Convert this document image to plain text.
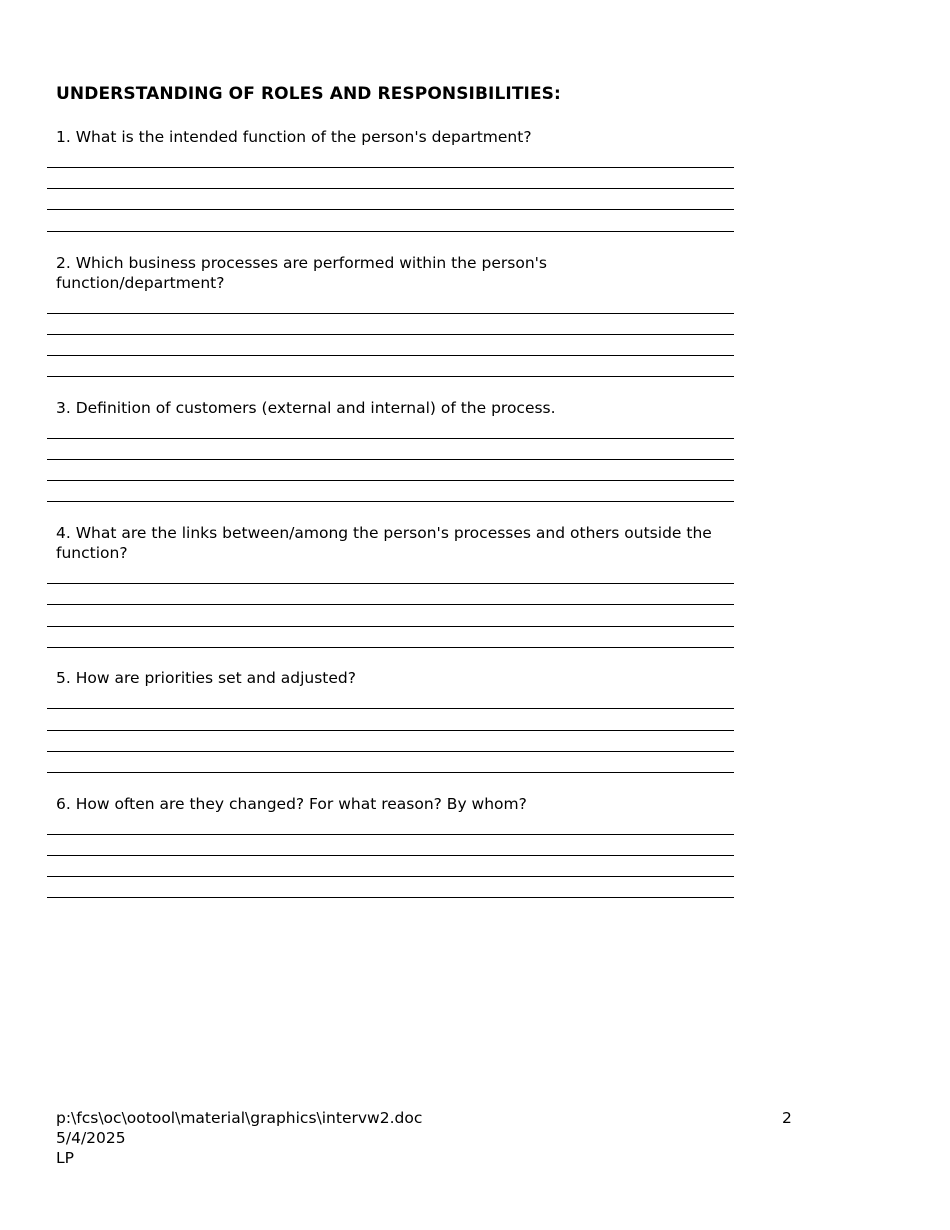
UNDERSTANDING OF ROLES AND RESPONSIBILITIES:
1. What is the intended function of the person's department?
2. Which business processes are performed within the person's function/department?
3. Definition of customers (external and internal) of the process.
4. What are the links between/among the person's processes and others outside the function?
5. How are priorities set and adjusted?
6. How often are they changed? For what reason? By whom?
p:\fcs\oc\ootool\material\graphics\intervw2.doc
5/4/2025
LP
2
